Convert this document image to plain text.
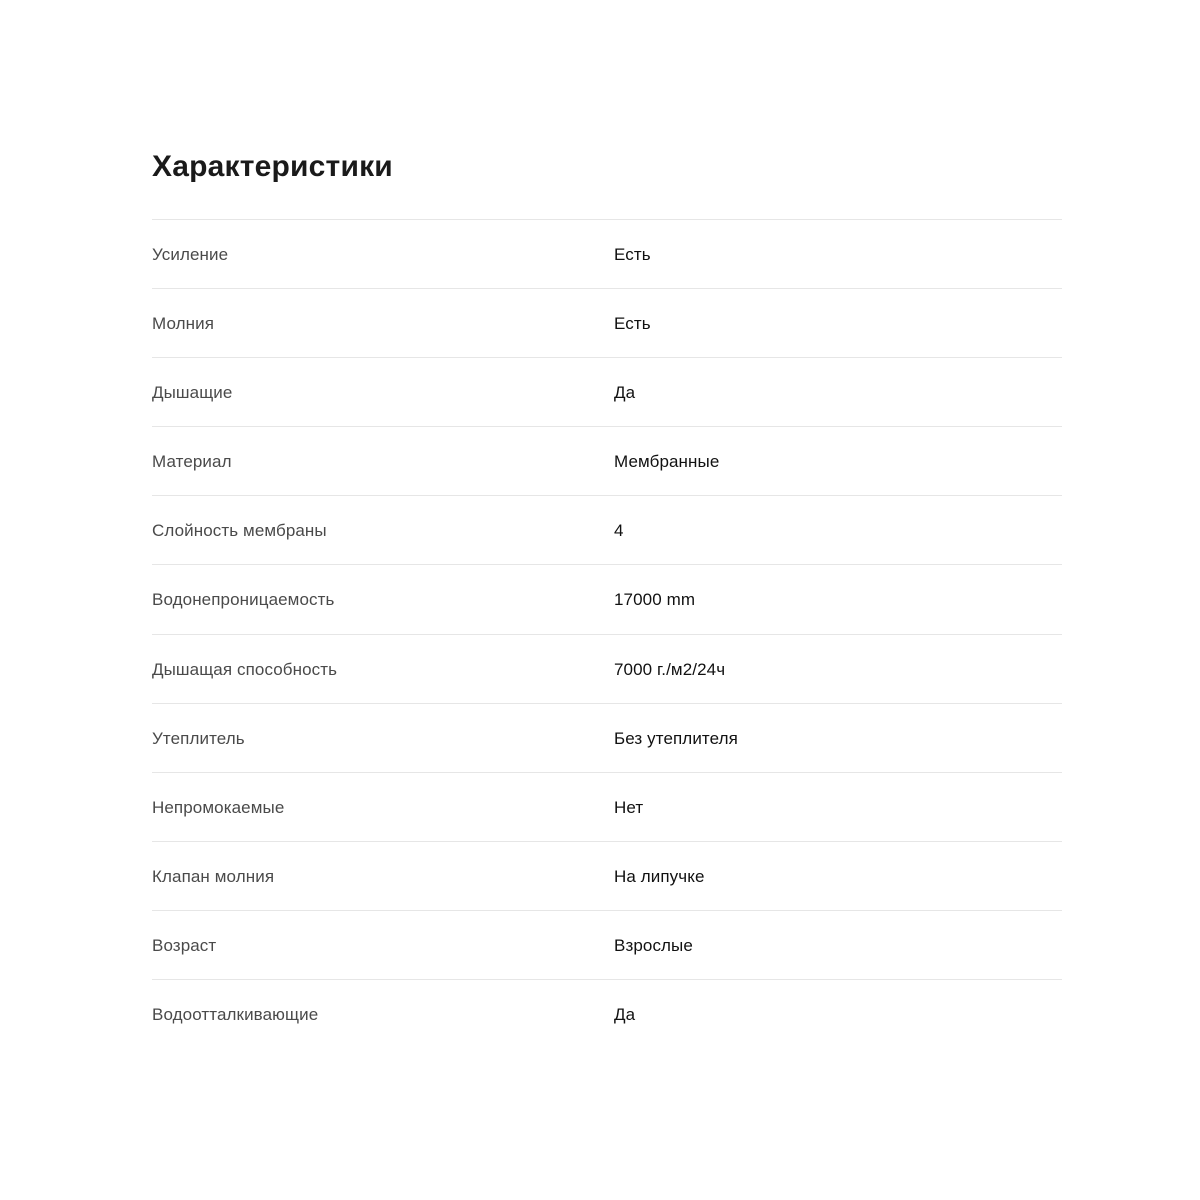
Характеристики
Усиление	Есть
Молния	Есть
Дышащие	Да
Материал	Мембранные
Слойность мембраны	4
Водонепроницаемость	17000 mm
Дышащая способность	7000 г./м2/24ч
Утеплитель	Без утеплителя
Непромокаемые	Нет
Клапан молния	На липучке
Возраст	Взрослые
Водоотталкивающие	Да
